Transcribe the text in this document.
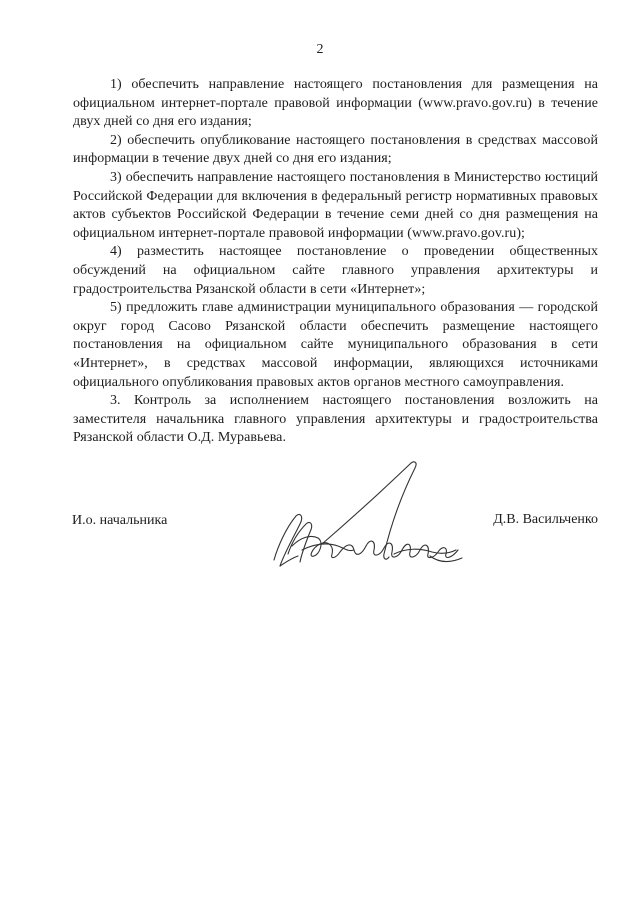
2

1) обеспечить направление настоящего постановления для размещения на официальном интернет-портале правовой информации (www.pravo.gov.ru) в течение двух дней со дня его издания;

2) обеспечить опубликование настоящего постановления в средствах массовой информации в течение двух дней со дня его издания;

3) обеспечить направление настоящего постановления в Министерство юстиций Российской Федерации для включения в федеральный регистр нормативных правовых актов субъектов Российской Федерации в течение семи дней со дня размещения на официальном интернет-портале правовой информации (www.pravo.gov.ru);

4) разместить настоящее постановление о проведении общественных обсуждений на официальном сайте главного управления архитектуры и градостроительства Рязанской области в сети «Интернет»;

5) предложить главе администрации муниципального образования — городской округ город Сасово Рязанской области обеспечить размещение настоящего постановления на официальном сайте муниципального образования в сети «Интернет», в средствах массовой информации, являющихся источниками официального опубликования правовых актов органов местного самоуправления.

3. Контроль за исполнением настоящего постановления возложить на заместителя начальника главного управления архитектуры и градостроительства Рязанской области О.Д. Муравьева.

И.о. начальника	Д.В. Васильченко
